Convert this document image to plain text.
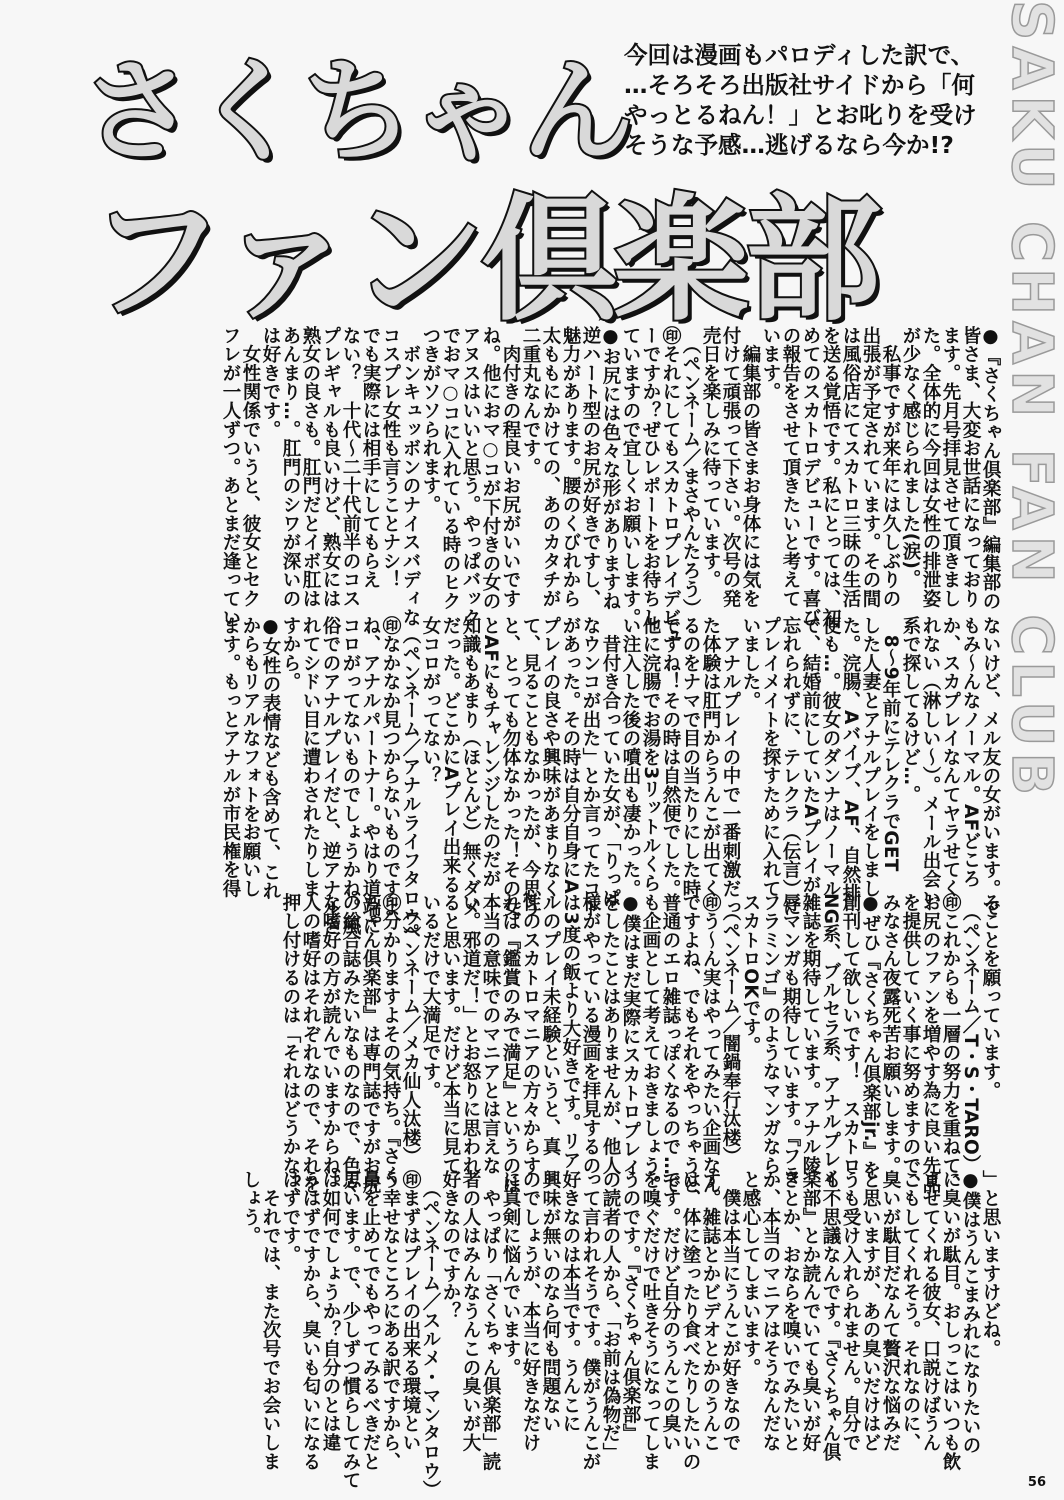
SAKU CHAN FAN CLUB
さくちゃん
ファン倶楽部
今回は漫画もパロディした訳で、
…そろそろ出版社サイドから「何
やっとるねん！」とお叱りを受け
そうな予感…逃げるなら今か!?
●『さくちゃん倶楽部』編集部の
皆さま、大変お世話になっており
ます。先月号拝見させて頂きまし
た。全体的に今回は女性の排泄姿
が少なく感じられました(涙)。
　私事ですが来年には久しぶりの
出張が予定されています。その間
は風俗店にてスカトロ三昧の生活
を送る覚悟です。私にとっては、初
めてのスカトロデビューです。喜び
の報告をさせて頂きたいと考えて
います。
　編集部の皆さまお身体には気を
付けて頑張って下さい。次号の発
売日を楽しみに待っています。
　（ペンネーム／まさやんたろう）
㊞それにしてもスカトロプレイデビュ
ーですか？ぜひレポートをお待ちし
ていますので宜しくお願いします。
●お尻には色々な形がありますね
逆ハート型のお尻が好きですし、
魅力があります。腰のくびれから
太ももにかけての、あのカタチが
二重丸なんです。
　肉付きの程良いお尻がいいです
ね。他におマ○コが下付きの女の
アヌスはいいと思う。やっぱバック
でおマ○コに入れている時のヒク
つきがソソられます。
　ボンキュッボンのナイスバディな
コスプレ女性も言うことナシ！
でも実際には相手にしてもらえ
ない？　十代～二十代前半のコス
プレギャルも良いけど、熟女には
熟女の良さも。肛門だとイボ肛は
あんまり…。肛門のシワが深いの
は好きです。
　女性関係でいうと、彼女とセク
フレが一人ずつ。あとまだ逢ってい
ないけど、メル友の女がいます。で
もみ～んなノーマル。AFどころ
か、スカプレイなんてヤラせてく
れない（淋しい～）。メール出会い
系で探してるけど…。
　8～9年前にテレクラでGET
した人妻とアナルプレイをしまし
た。浣腸、Aバイブ、AF、自然排
便も…。彼女のダンナはノーマル
で、結婚前にしていたAプレイが
忘れられずに、テレクラ（伝言）に
プレイメイトを探すために入れて
いました。
　アナルプレイの中で一番刺激だっ
た体験は肛門からうんこが出てく
るのをナマで目の当たりにした時
ですね！その時は自然便でした。
他に浣腸でお湯を3リットルくら
い注入した後の噴出も凄かった。
　昔付き合っていた女が、「りっぱ
なウンコが出た」とか言ってたコト
があった。その時は自分自身にA
プレイの良さや興味があまりなく
て、見ることもなかったが、今思う
と、とっても勿体なかった！その女
とAFにもチャレンジしたのだが
知識もあまり（ほとんど）無くダメ
だった。どこかにAプレイ出来る
女コロがってない？
　（ペンネーム／アナルライフタロウ）
㊞なかなか見つからないものですよ
ね、アナルパートナー。やはり道端に
コロがってないものでしょうかね。風
俗でのアナルプレイだと、逆アナルさ
れてシドい目に遭わされたりしま
すから。
●女性の表情なども含めて、これ
からもリアルなフォトをお願いし
ます。もっとアナルが市民権を得
ることを願っています。
　（ペンネーム／T・S・TARO）
㊞これからも一層の努力を重ねて、
お尻のファンを増やす為に良い先品
を提供していく事に努めますので、
みなさん夜露死苦お願いします。
●ぜひ『さくちゃん倶楽部jr.』を
創刊して欲しいです！　スカトロ
NG系、ブルセラ系、アナルプレイ
雑誌を期待しています。アナル陵
辱マンガも期待しています。『フラ
フラミンゴ』のようなマンガなら
スカトロOKです。
　（ペンネーム／闇鍋奉行汰楼）
㊞う～ん実はやってみたい企画なん
ですよね、でもそれをやっちゃうと
普通のエロ雑誌っぽくなるので…で
も企画として考えておきましょう。
●僕はまだ実際にスカトロプレイ
をしたことはありませんが、他人
様がやっている漫画を拝見するの
は3度の飯より大好きです。リア
ルのプレイ未経験というと、真
性のスカトロマニアの方々からす
れば『鑑賞のみで満足』というのは
本当の意味でのマニアとは言えな
い。邪道だ！」とお怒りに思われ
ると思います。だけど本当に見て
いるだけで大満足です。
　（ペンネーム／メカ仙人汰楼）
㊞分かりますよその気持ち。『さく
ちゃん倶楽部』は専門誌ですがお尻
の総合誌みたいなものなので、色々
な嗜好の方が読んでいますからね。
人の嗜好はそれぞれなので、それを
押し付けるのは「それはどうかな？
」と思いますけどね。
●僕はうんこまみれになりたいの
に臭いが駄目。おしっこはいつも飲
ませてくれる彼女、口説けばうん
こもしてくれそう。それなのに、
臭いが駄目だなんて贅沢な悩みだ
と思いますが、あの臭いだけはど
うも受け入れられません。自分で
も不思議なんです。『さくちゃん倶
楽部』とか読んでいても臭いが好
きとか、おならを嗅いでみたいと
か、本当のマニアはそうなんだな
と感心してしまいます。
　僕は本当にうんこが好きなので
す。雑誌とかビデオとかのうんこ
は、体に塗ったり食べたりしたいの
です。だけど自分のうんこの臭い
を嗅ぐだけで吐きそうになってしま
うのです。『さくちゃん倶楽部』
の読者の人から、「お前は偽物だ」
って言われそうです。僕がうんこが
好きなのは本当です。うんこに
興味が無いのなら何も問題ない
のでしょうが、本当に好きなだけ
に真剣に悩んでいます。
　やっぱり「さくちゃん倶楽部」読
者の人はみんなうんこの臭いが大
好きなのですか？
　（ペンネーム／スルメ・マンタロウ）
㊞まずはプレイの出来る環境とい
う幸せなところにある訳ですから、
鼻を止めてでもやってみるべきだと
思います。で、少しずつ慣らしてみて
は如何でしょうか？自分のとは違
うはずですから、臭いも匂いになる
はずです。
　それでは、また次号でお会いしま
しょう。
56
